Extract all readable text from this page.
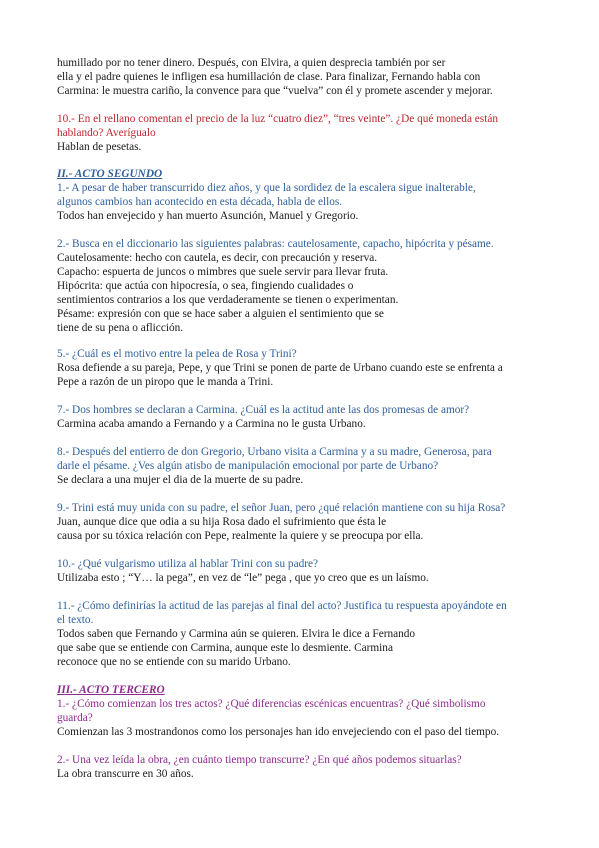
humillado por no tener dinero. Después, con Elvira, a quien desprecia también por ser
ella y el padre quienes le infligen esa humillación de clase. Para finalizar, Fernando habla con
Carmina: le muestra cariño, la convence para que “vuelva” con él y promete ascender y mejorar.
10.- En el rellano comentan el precio de la luz “cuatro diez”, “tres veinte”. ¿De qué moneda están
hablando? Averígualo
Hablan de pesetas.
II.- ACTO SEGUNDO
1.- A pesar de haber transcurrido diez años, y que la sordidez de la escalera sigue inalterable,
algunos cambios han acontecido en esta década, habla de ellos.
Todos han envejecido y han muerto Asunción, Manuel y Gregorio.
2.- Busca en el diccionario las siguientes palabras: cautelosamente, capacho, hipócrita y pésame.
Cautelosamente: hecho con cautela, es decir, con precaución y reserva.
Capacho: espuerta de juncos o mimbres que suele servir para llevar fruta.
Hipócrita: que actúa con hipocresía, o sea, fingiendo cualidades o
sentimientos contrarios a los que verdaderamente se tienen o experimentan.
Pésame: expresión con que se hace saber a alguien el sentimiento que se
tiene de su pena o aflicción.
5.- ¿Cuál es el motivo entre la pelea de Rosa y Trini?
Rosa defiende a su pareja, Pepe, y que Trini se ponen de parte de Urbano cuando este se enfrenta a
Pepe a razón de un piropo que le manda a Trini.
7.- Dos hombres se declaran a Carmina. ¿Cuál es la actitud ante las dos promesas de amor?
Carmina acaba amando a Fernando y a Carmina no le gusta Urbano.
8.- Después del entierro de don Gregorio, Urbano visita a Carmina y a su madre, Generosa, para
darle el pésame. ¿Ves algún atisbo de manipulación emocional por parte de Urbano?
Se declara a una mujer el dia de la muerte de su padre.
9.- Trini está muy unida con su padre, el señor Juan, pero ¿qué relación mantiene con su hija Rosa?
Juan, aunque dice que odia a su hija Rosa dado el sufrimiento que ésta le
causa por su tóxica relación con Pepe, realmente la quiere y se preocupa por ella.
10.- ¿Qué vulgarismo utiliza al hablar Trini con su padre?
Utilizaba esto ; “Y… la pega”, en vez de “le” pega , que yo creo que es un laísmo.
11.- ¿Cómo definirías la actitud de las parejas al final del acto? Justifica tu respuesta apoyándote en
el texto.
Todos saben que Fernando y Carmina aún se quieren. Elvira le dice a Fernando
que sabe que se entiende con Carmina, aunque este lo desmiente. Carmina
reconoce que no se entiende con su marido Urbano.
III.- ACTO TERCERO
1.- ¿Cómo comienzan los tres actos? ¿Qué diferencias escénicas encuentras? ¿Qué simbolismo
guarda?
Comienzan las 3 mostrandonos como los personajes han ido envejeciendo con el paso del tiempo.
2.- Una vez leída la obra, ¿en cuánto tiempo transcurre? ¿En qué años podemos situarlas?
La obra transcurre en 30 años.
